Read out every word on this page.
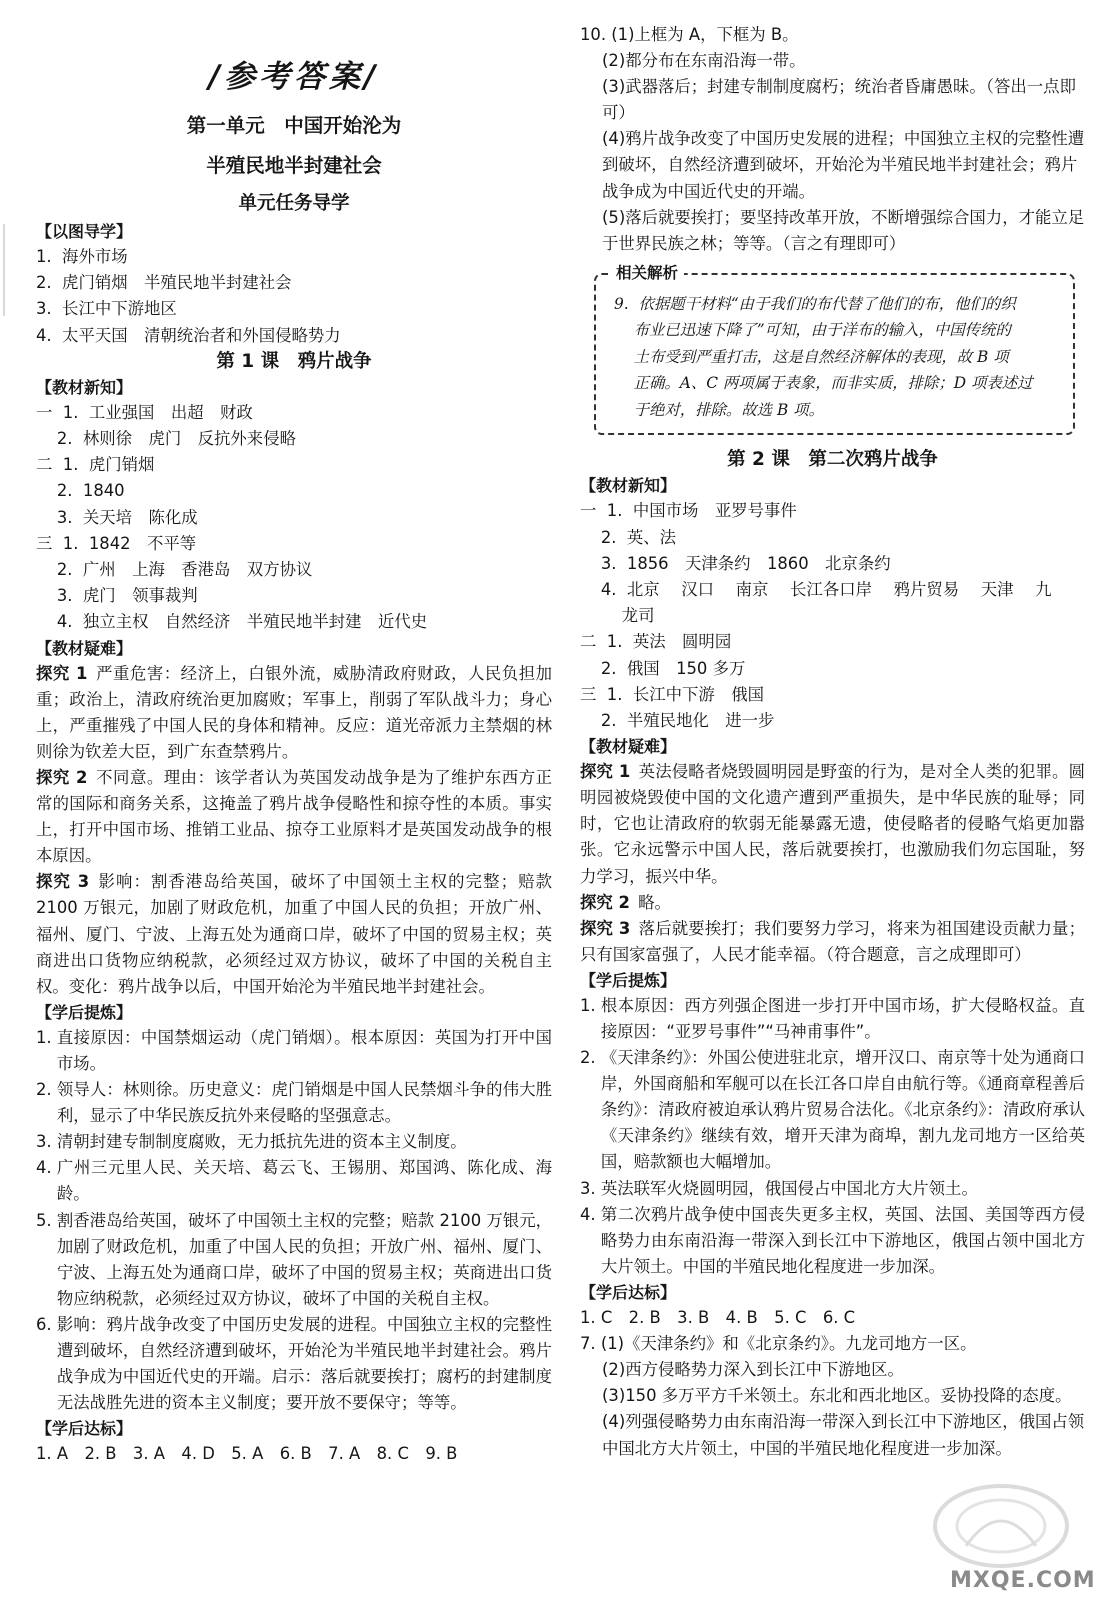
/参考答案/
第一单元　中国开始沦为
半殖民地半封建社会
单元任务导学
【以图导学】
1.  海外市场
2.  虎门销烟　半殖民地半封建社会
3.  长江中下游地区
4.  太平天国　清朝统治者和外国侵略势力
第 1 课　鸦片战争
【教材新知】
一  1.  工业强国　出超　财政
2.  林则徐　虎门　反抗外来侵略
二  1.  虎门销烟
2.  1840
3.  关天培　陈化成
三  1.  1842　不平等
2.  广州　上海　香港岛　双方协议
3.  虎门　领事裁判
4.  独立主权　自然经济　半殖民地半封建　近代史
【教材疑难】
探究 1  严重危害：经济上，白银外流，威胁清政府财政，人民负担加重；政治上，清政府统治更加腐败；军事上，削弱了军队战斗力；身心上，严重摧残了中国人民的身体和精神。反应：道光帝派力主禁烟的林则徐为钦差大臣，到广东查禁鸦片。
探究 2  不同意。理由：该学者认为英国发动战争是为了维护东西方正常的国际和商务关系，这掩盖了鸦片战争侵略性和掠夺性的本质。事实上，打开中国市场、推销工业品、掠夺工业原料才是英国发动战争的根本原因。
探究 3  影响：割香港岛给英国，破坏了中国领土主权的完整；赔款 2100 万银元，加剧了财政危机，加重了中国人民的负担；开放广州、福州、厦门、宁波、上海五处为通商口岸，破坏了中国的贸易主权；英商进出口货物应纳税款，必须经过双方协议，破坏了中国的关税自主权。变化：鸦片战争以后，中国开始沦为半殖民地半封建社会。
【学后提炼】
1. 直接原因：中国禁烟运动（虎门销烟）。根本原因：英国为打开中国市场。
2. 领导人：林则徐。历史意义：虎门销烟是中国人民禁烟斗争的伟大胜利，显示了中华民族反抗外来侵略的坚强意志。
3. 清朝封建专制制度腐败，无力抵抗先进的资本主义制度。
4. 广州三元里人民、关天培、葛云飞、王锡朋、郑国鸿、陈化成、海龄。
5. 割香港岛给英国，破坏了中国领土主权的完整；赔款 2100 万银元，加剧了财政危机，加重了中国人民的负担；开放广州、福州、厦门、宁波、上海五处为通商口岸，破坏了中国的贸易主权；英商进出口货物应纳税款，必须经过双方协议，破坏了中国的关税自主权。
6. 影响：鸦片战争改变了中国历史发展的进程。中国独立主权的完整性遭到破坏，自然经济遭到破坏，开始沦为半殖民地半封建社会。鸦片战争成为中国近代史的开端。启示：落后就要挨打；腐朽的封建制度无法战胜先进的资本主义制度；要开放不要保守；等等。
【学后达标】
1. A　2. B　3. A　4. D　5. A　6. B　7. A　8. C　9. B
10. (1)上框为 A，下框为 B。
(2)都分布在东南沿海一带。
(3)武器落后；封建专制制度腐朽；统治者昏庸愚昧。（答出一点即可）
(4)鸦片战争改变了中国历史发展的进程；中国独立主权的完整性遭到破坏，自然经济遭到破坏，开始沦为半殖民地半封建社会；鸦片战争成为中国近代史的开端。
(5)落后就要挨打；要坚持改革开放，不断增强综合国力，才能立足于世界民族之林；等等。（言之有理即可）
相关解析
9.  依据题干材料“由于我们的布代替了他们的布，他们的织
布业已迅速下降了”可知，由于洋布的输入，中国传统的
土布受到严重打击，这是自然经济解体的表现，故 B 项
正确。A、C 两项属于表象，而非实质，排除；D 项表述过
于绝对，排除。故选 B 项。
第 2 课　第二次鸦片战争
【教材新知】
一  1.  中国市场　亚罗号事件
2.  英、法
3.  1856　天津条约　1860　北京条约
4.  北京　 汉口　 南京　 长江各口岸　 鸦片贸易　 天津　 九
龙司
二  1.  英法　圆明园
2.  俄国　150 多万
三  1.  长江中下游　俄国
2.  半殖民地化　进一步
【教材疑难】
探究 1  英法侵略者烧毁圆明园是野蛮的行为，是对全人类的犯罪。圆明园被烧毁使中国的文化遗产遭到严重损失，是中华民族的耻辱；同时，它也让清政府的软弱无能暴露无遗，使侵略者的侵略气焰更加嚣张。它永远警示中国人民，落后就要挨打，也激励我们勿忘国耻，努力学习，振兴中华。
探究 2  略。
探究 3  落后就要挨打；我们要努力学习，将来为祖国建设贡献力量；只有国家富强了，人民才能幸福。（符合题意，言之成理即可）
【学后提炼】
1. 根本原因：西方列强企图进一步打开中国市场，扩大侵略权益。直接原因：“亚罗号事件”“马神甫事件”。
2. 《天津条约》：外国公使进驻北京，增开汉口、南京等十处为通商口岸，外国商船和军舰可以在长江各口岸自由航行等。《通商章程善后条约》：清政府被迫承认鸦片贸易合法化。《北京条约》：清政府承认《天津条约》继续有效，增开天津为商埠，割九龙司地方一区给英国，赔款额也大幅增加。
3. 英法联军火烧圆明园，俄国侵占中国北方大片领土。
4. 第二次鸦片战争使中国丧失更多主权，英国、法国、美国等西方侵略势力由东南沿海一带深入到长江中下游地区，俄国占领中国北方大片领土。中国的半殖民地化程度进一步加深。
【学后达标】
1. C　2. B　3. B　4. B　5. C　6. C
7. (1)《天津条约》和《北京条约》。九龙司地方一区。
(2)西方侵略势力深入到长江中下游地区。
(3)150 多万平方千米领土。东北和西北地区。妥协投降的态度。
(4)列强侵略势力由东南沿海一带深入到长江中下游地区，俄国占领中国北方大片领土，中国的半殖民地化程度进一步加深。
MXQE.COM
